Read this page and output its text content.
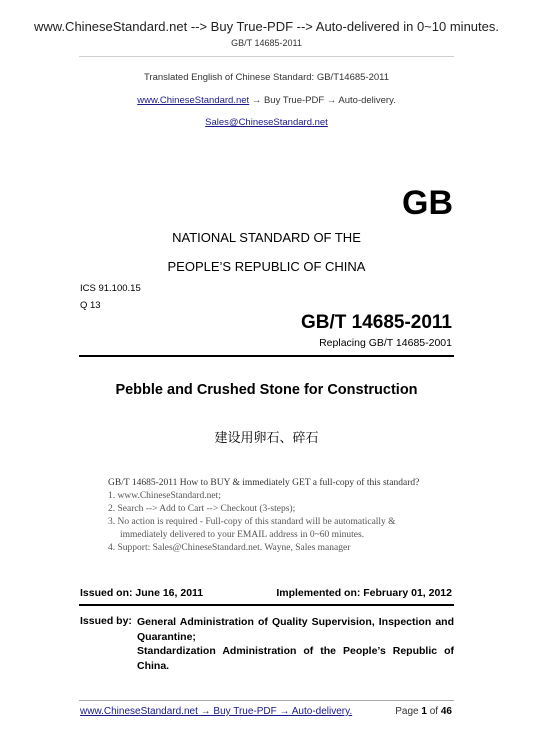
www.ChineseStandard.net --> Buy True-PDF --> Auto-delivered in 0~10 minutes.
GB/T 14685-2011
Translated English of Chinese Standard: GB/T14685-2011
www.ChineseStandard.net → Buy True-PDF → Auto-delivery.
Sales@ChineseStandard.net
GB
NATIONAL STANDARD OF THE
PEOPLE’S REPUBLIC OF CHINA
ICS 91.100.15
Q 13
GB/T 14685-2011
Replacing GB/T 14685-2001
Pebble and Crushed Stone for Construction
建设用卵石、碎石
GB/T 14685-2011 How to BUY & immediately GET a full-copy of this standard?
1. www.ChineseStandard.net;
2. Search --> Add to Cart --> Checkout (3-steps);
3. No action is required - Full-copy of this standard will be automatically &
immediately delivered to your EMAIL address in 0~60 minutes.
4. Support: Sales@ChineseStandard.net. Wayne, Sales manager
Issued on: June 16, 2011	Implemented on: February 01, 2012
Issued by: General Administration of Quality Supervision, Inspection and Quarantine;
Standardization Administration of the People’s Republic of China.
www.ChineseStandard.net → Buy True-PDF → Auto-delivery.	Page 1 of 46
